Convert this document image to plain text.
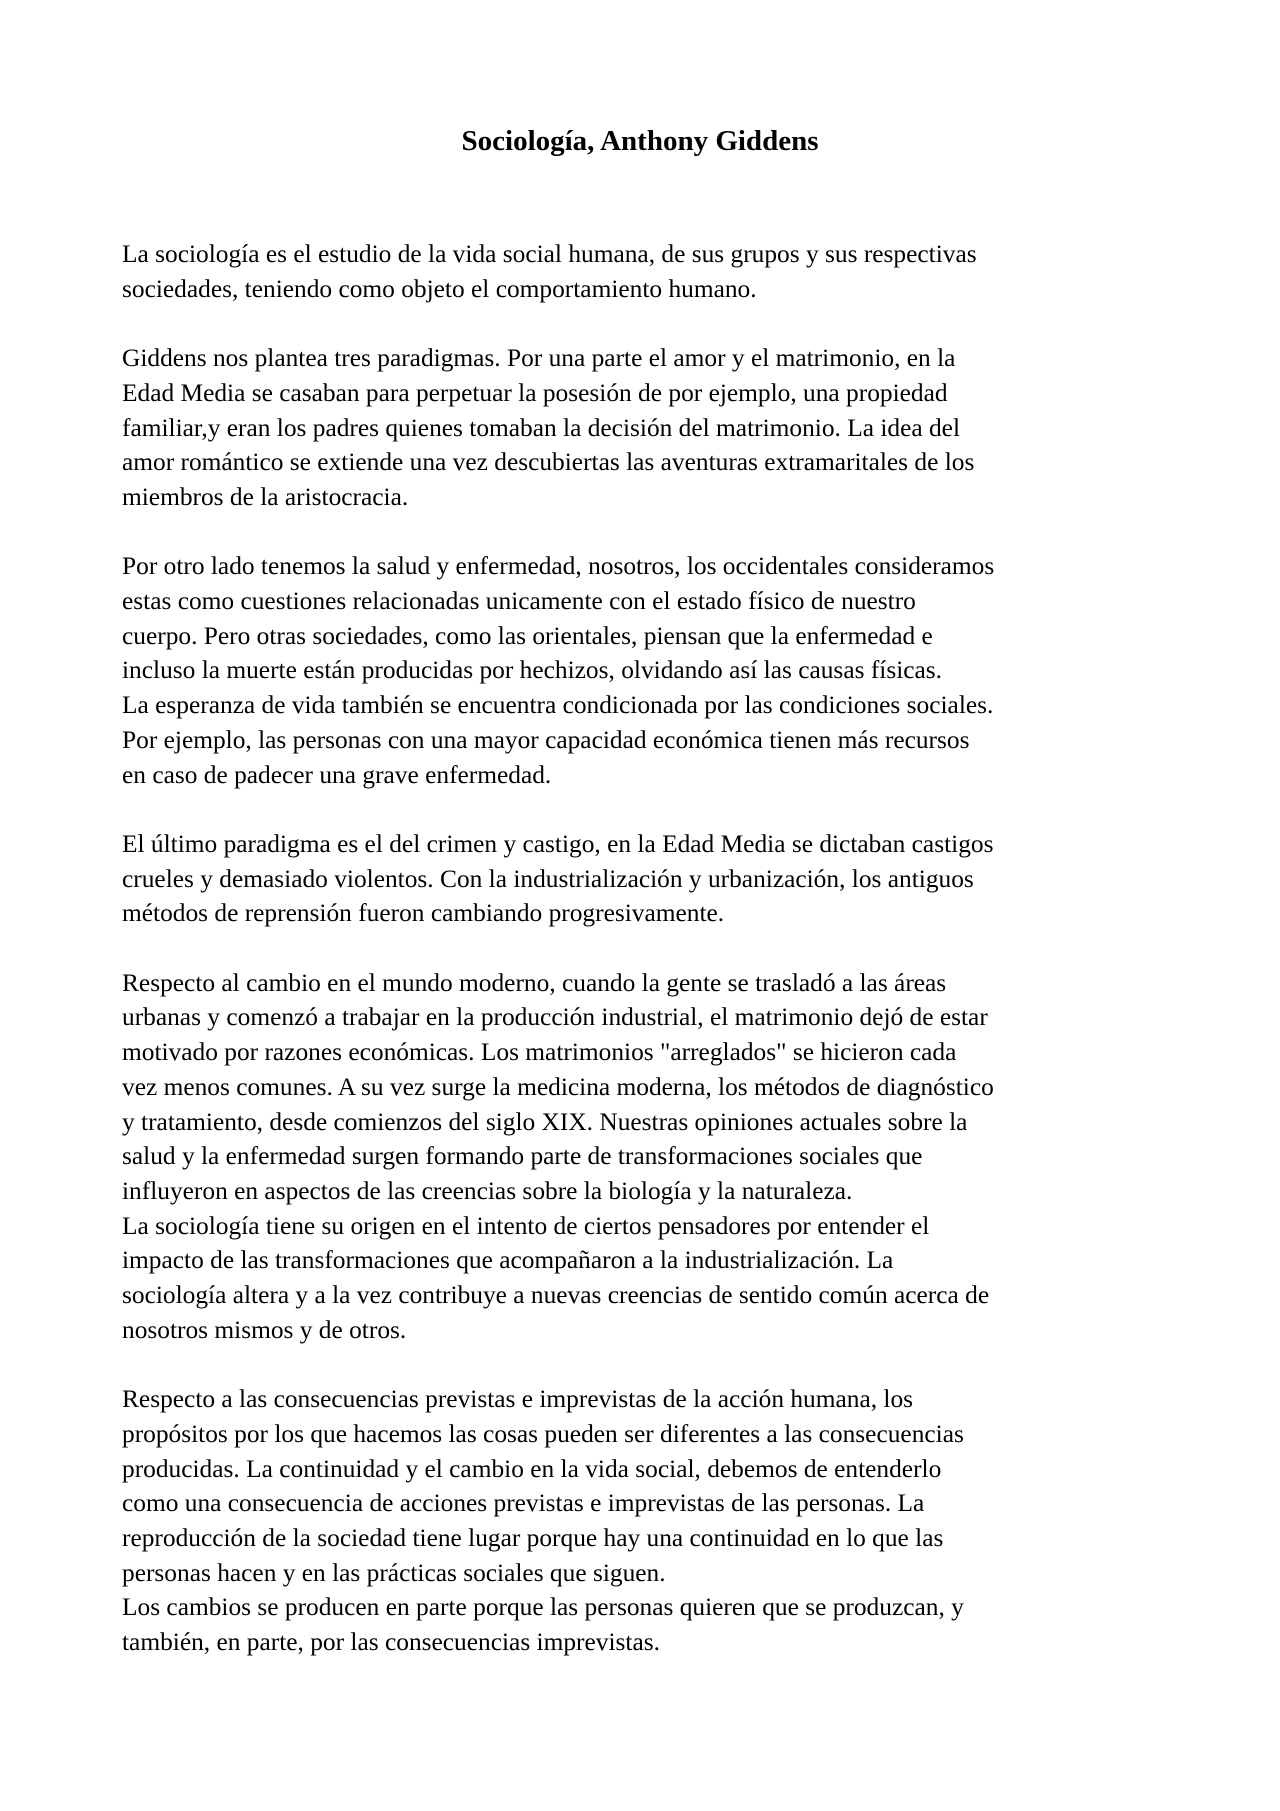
Sociología, Anthony Giddens

La sociología es el estudio de la vida social humana, de sus grupos y sus respectivas
sociedades, teniendo como objeto el comportamiento humano.

Giddens nos plantea tres paradigmas. Por una parte el amor y el matrimonio, en la
Edad Media se casaban para perpetuar la posesión de por ejemplo, una propiedad
familiar,y eran los padres quienes tomaban la decisión del matrimonio. La idea del
amor romántico se extiende una vez descubiertas las aventuras extramaritales de los
miembros de la aristocracia.

Por otro lado tenemos la salud y enfermedad, nosotros, los occidentales consideramos
estas como cuestiones relacionadas unicamente con el estado físico de nuestro
cuerpo. Pero otras sociedades, como las orientales, piensan que la enfermedad e
incluso la muerte están producidas por hechizos, olvidando así las causas físicas.
La esperanza de vida también se encuentra condicionada por las condiciones sociales.
Por ejemplo, las personas con una mayor capacidad económica tienen más recursos
en caso de padecer una grave enfermedad.

El último paradigma es el del crimen y castigo, en la Edad Media se dictaban castigos
crueles y demasiado violentos. Con la industrialización y urbanización, los antiguos
métodos de reprensión fueron cambiando progresivamente.

Respecto al cambio en el mundo moderno, cuando la gente se trasladó a las áreas
urbanas y comenzó a trabajar en la producción industrial, el matrimonio dejó de estar
motivado por razones económicas. Los matrimonios "arreglados" se hicieron cada
vez menos comunes. A su vez surge la medicina moderna, los métodos de diagnóstico
y tratamiento, desde comienzos del siglo XIX. Nuestras opiniones actuales sobre la
salud y la enfermedad surgen formando parte de transformaciones sociales que
influyeron en aspectos de las creencias sobre la biología y la naturaleza.
La sociología tiene su origen en el intento de ciertos pensadores por entender el
impacto de las transformaciones que acompañaron a la industrialización. La
sociología altera y a la vez contribuye a nuevas creencias de sentido común acerca de
nosotros mismos y de otros.

Respecto a las consecuencias previstas e imprevistas de la acción humana, los
propósitos por los que hacemos las cosas pueden ser diferentes a las consecuencias
producidas. La continuidad y el cambio en la vida social, debemos de entenderlo
como una consecuencia de acciones previstas e imprevistas de las personas. La
reproducción de la sociedad tiene lugar porque hay una continuidad en lo que las
personas hacen y en las prácticas sociales que siguen.
Los cambios se producen en parte porque las personas quieren que se produzcan, y
también, en parte, por las consecuencias imprevistas.
